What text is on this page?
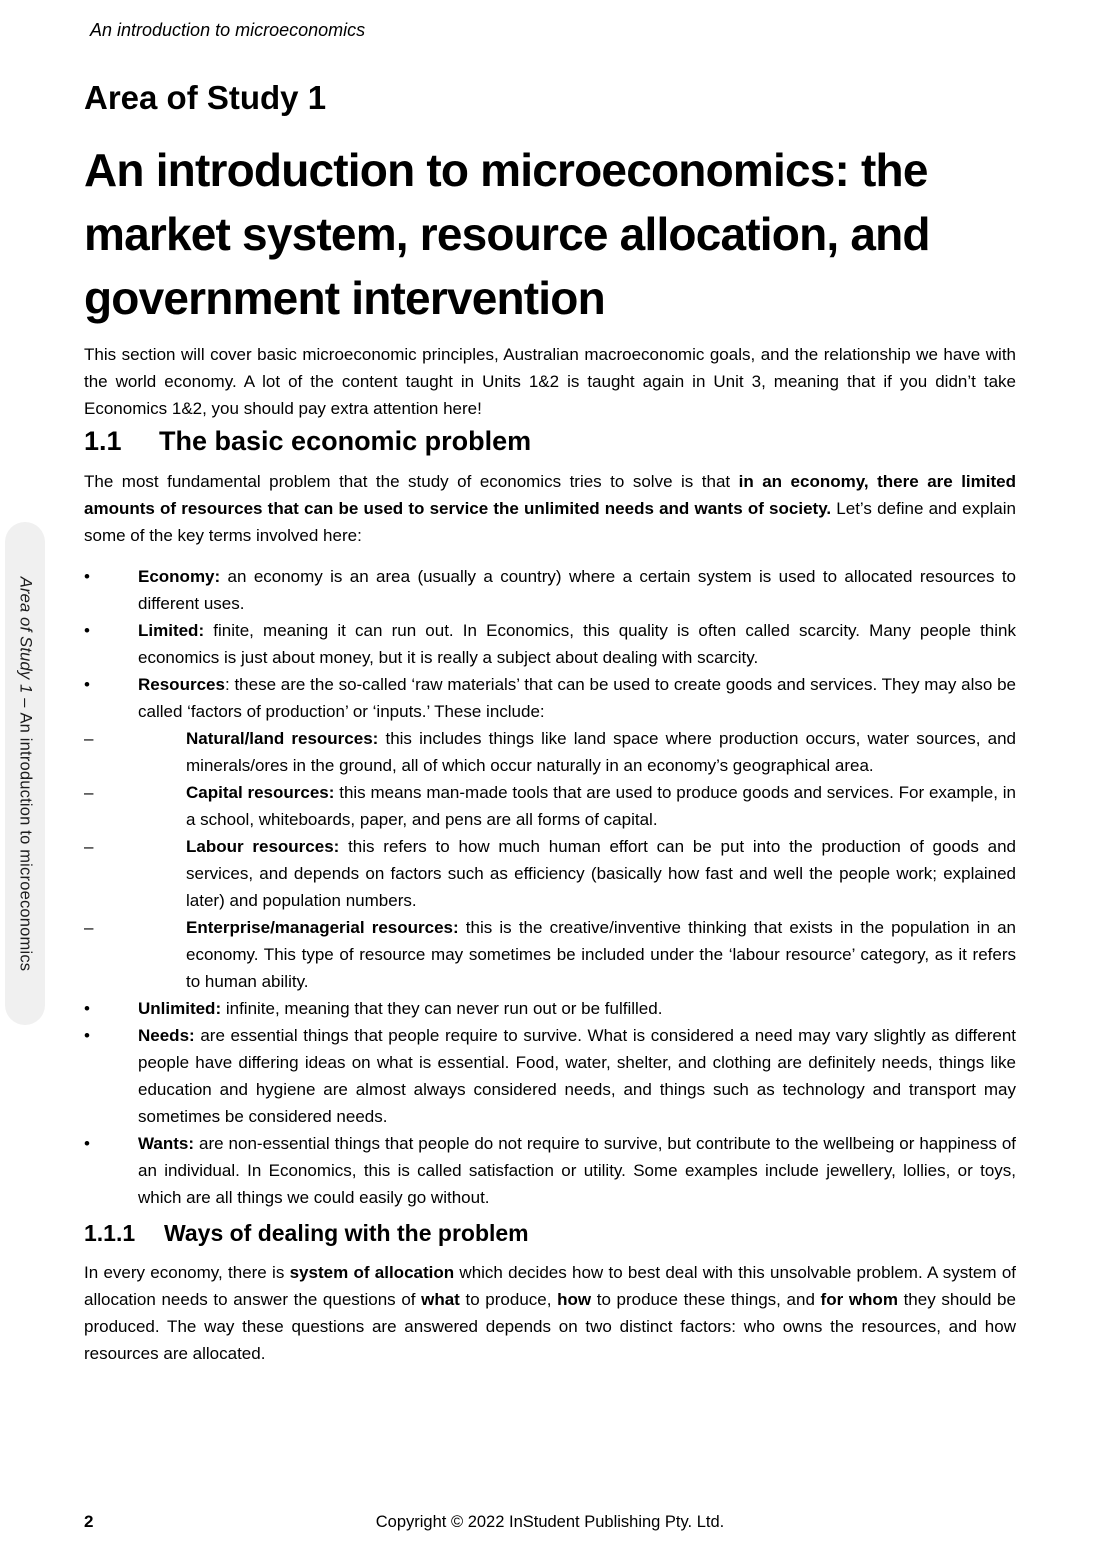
Area of Study 1 – An introduction to microeconomics
An introduction to microeconomics
Area of Study 1
An introduction to microeconomics: the market system, resource allocation, and government intervention

This section will cover basic microeconomic principles, Australian macroeconomic goals, and the relationship we have with the world economy. A lot of the content taught in Units 1&2 is taught again in Unit 3, meaning that if you didn’t take Economics 1&2, you should pay extra attention here!

1.1 The basic economic problem

The most fundamental problem that the study of economics tries to solve is that in an economy, there are limited amounts of resources that can be used to service the unlimited needs and wants of society. Let’s define and explain some of the key terms involved here:

•	Economy: an economy is an area (usually a country) where a certain system is used to allocated resources to different uses.
•	Limited: finite, meaning it can run out. In Economics, this quality is often called scarcity. Many people think economics is just about money, but it is really a subject about dealing with scarcity.
•	Resources: these are the so-called ‘raw materials’ that can be used to create goods and services. They may also be called ‘factors of production’ or ‘inputs.’ These include:
–	Natural/land resources: this includes things like land space where production occurs, water sources, and minerals/ores in the ground, all of which occur naturally in an economy’s geographical area.
–	Capital resources: this means man-made tools that are used to produce goods and services. For example, in a school, whiteboards, paper, and pens are all forms of capital.
–	Labour resources: this refers to how much human effort can be put into the production of goods and services, and depends on factors such as efficiency (basically how fast and well the people work; explained later) and population numbers.
–	Enterprise/managerial resources: this is the creative/inventive thinking that exists in the population in an economy. This type of resource may sometimes be included under the ‘labour resource’ category, as it refers to human ability.
•	Unlimited: infinite, meaning that they can never run out or be fulfilled.
•	Needs: are essential things that people require to survive. What is considered a need may vary slightly as different people have differing ideas on what is essential. Food, water, shelter, and clothing are definitely needs, things like education and hygiene are almost always considered needs, and things such as technology and transport may sometimes be considered needs.
•	Wants: are non-essential things that people do not require to survive, but contribute to the wellbeing or happiness of an individual. In Economics, this is called satisfaction or utility. Some examples include jewellery, lollies, or toys, which are all things we could easily go without.
1.1.1 Ways of dealing with the problem

In every economy, there is system of allocation which decides how to best deal with this unsolvable problem. A system of allocation needs to answer the questions of what to produce, how to produce these things, and for whom they should be produced. The way these questions are answered depends on two distinct factors: who owns the resources, and how resources are allocated.

2	Copyright © 2022 InStudent Publishing Pty. Ltd.
